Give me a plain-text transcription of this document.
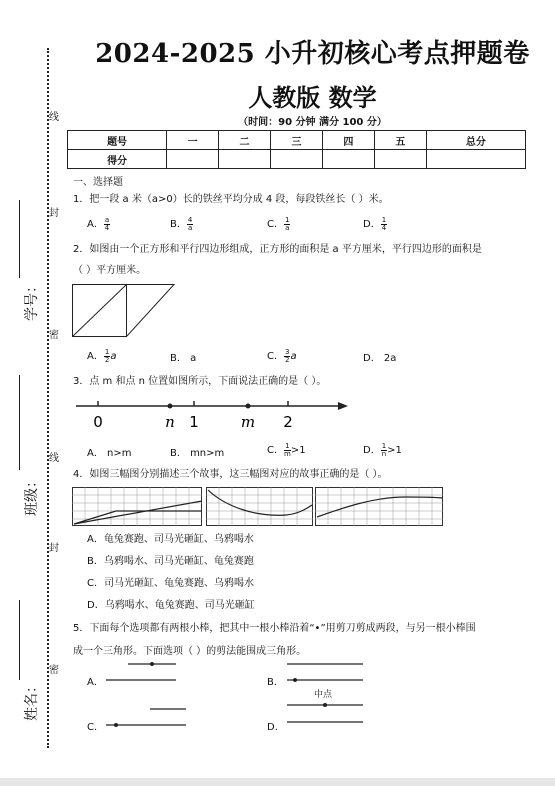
线
封
密
线
封
密
学号：
班级：
姓名：
2024-2025 小升初核心考点押题卷
人教版 数学
（时间：90 分钟 满分 100 分）
题号	一	二	三	四	五	总分
得分						
一、选择题
1．把一段 a 米（a>0）长的铁丝平均分成 4 段，每段铁丝长（ ）米。
A． $\frac{a}{4}$	B． $\frac{4}{a}$	C． $\frac{1}{a}$	D． $\frac{1}{4}$
2．如图由一个正方形和平行四边形组成，正方形的面积是 a 平方厘米，平行四边形的面积是
（ ）平方厘米。
A． $\frac{1}{2}$ a	B． a	C． $\frac{3}{2}$ a	D． 2a
3．点 m 和点 n 位置如图所示，下面说法正确的是（ ）。
0	n 1	m 2
A． n>m	B． mn>m	C． $\frac{1}{m} >1$	D． $\frac{1}{n} >1$
4．如图三幅图分别描述三个故事，这三幅图对应的故事正确的是（ ）。
A．龟兔赛跑、司马光砸缸、乌鸦喝水
B．乌鸦喝水、司马光砸缸、龟兔赛跑
C．司马光砸缸、龟兔赛跑、乌鸦喝水
D．乌鸦喝水、龟兔赛跑、司马光砸缸
5．下面每个选项都有两根小棒，把其中一根小棒沿着“•”用剪刀剪成两段，与另一根小棒围
成一个三角形。下面选项（ ）的剪法能围成三角形。
A．	B．
C．	D．
中点
